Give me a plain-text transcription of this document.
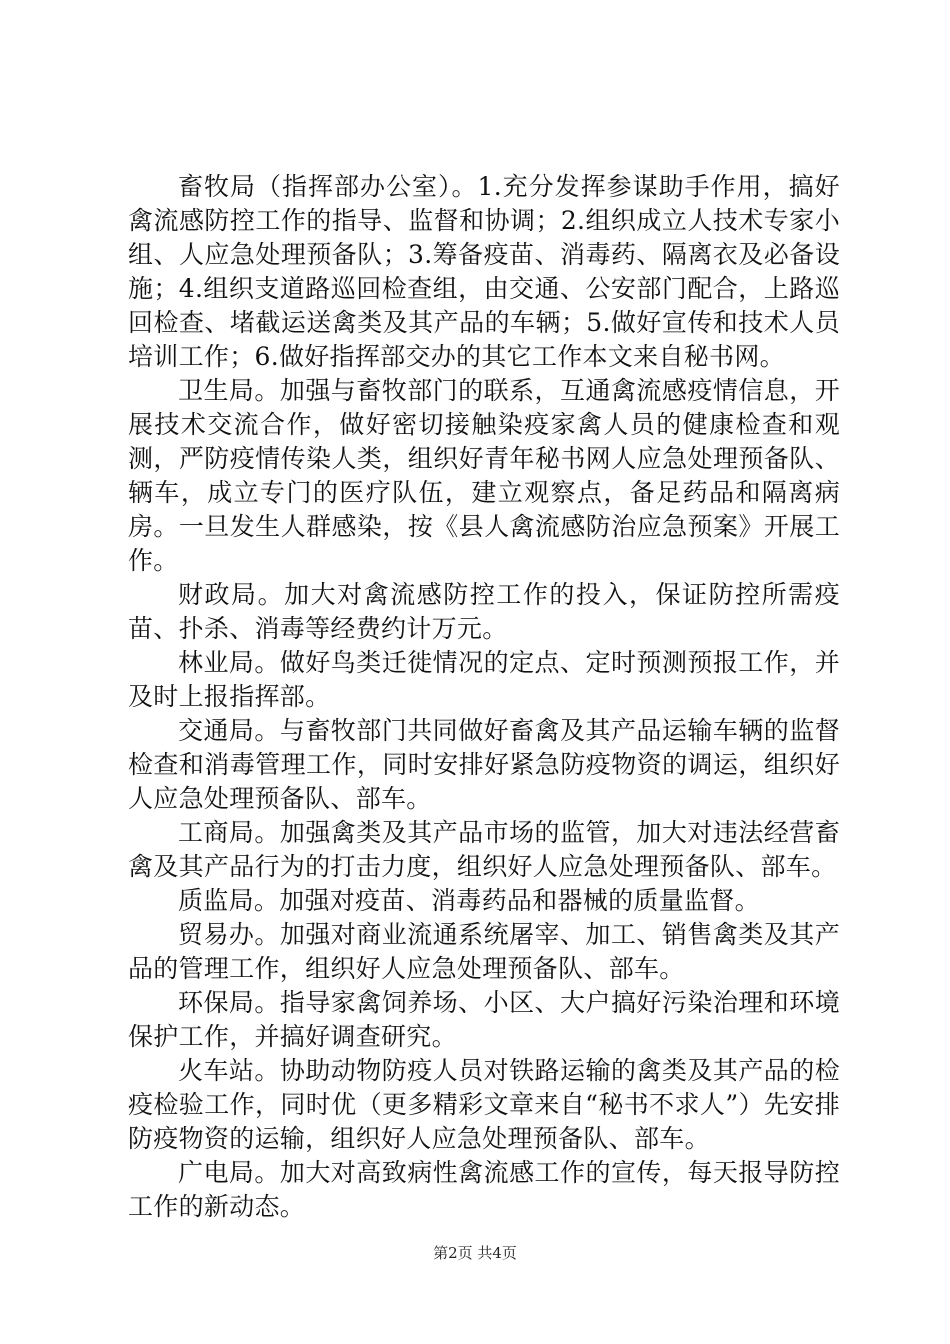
畜牧局（指挥部办公室）。1.充分发挥参谋助手作用，搞好禽流感防控工作的指导、监督和协调；2.组织成立人技术专家小组、人应急处理预备队；3.筹备疫苗、消毒药、隔离衣及必备设施；4.组织支道路巡回检查组，由交通、公安部门配合，上路巡回检查、堵截运送禽类及其产品的车辆；5.做好宣传和技术人员培训工作；6.做好指挥部交办的其它工作本文来自秘书网。

卫生局。加强与畜牧部门的联系，互通禽流感疫情信息，开展技术交流合作，做好密切接触染疫家禽人员的健康检查和观测，严防疫情传染人类，组织好青年秘书网人应急处理预备队、辆车，成立专门的医疗队伍，建立观察点，备足药品和隔离病房。一旦发生人群感染，按《县人禽流感防治应急预案》开展工作。

财政局。加大对禽流感防控工作的投入，保证防控所需疫苗、扑杀、消毒等经费约计万元。

林业局。做好鸟类迁徙情况的定点、定时预测预报工作，并及时上报指挥部。

交通局。与畜牧部门共同做好畜禽及其产品运输车辆的监督检查和消毒管理工作，同时安排好紧急防疫物资的调运，组织好人应急处理预备队、部车。

工商局。加强禽类及其产品市场的监管，加大对违法经营畜禽及其产品行为的打击力度，组织好人应急处理预备队、部车。

质监局。加强对疫苗、消毒药品和器械的质量监督。

贸易办。加强对商业流通系统屠宰、加工、销售禽类及其产品的管理工作，组织好人应急处理预备队、部车。

环保局。指导家禽饲养场、小区、大户搞好污染治理和环境保护工作，并搞好调查研究。

火车站。协助动物防疫人员对铁路运输的禽类及其产品的检疫检验工作，同时优（更多精彩文章来自“秘书不求人”）先安排防疫物资的运输，组织好人应急处理预备队、部车。

广电局。加大对高致病性禽流感工作的宣传，每天报导防控工作的新动态。

第2页 共4页
